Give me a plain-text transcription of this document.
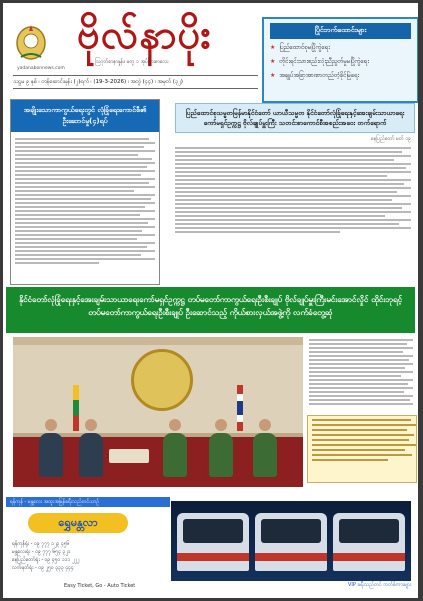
ဗိုလ်နာပိုး
yadanabonnews.com
သြဂုတ်စာနာနှုန်း၊ မတူ ၁ အုပ်ပြားစာလေး
သဋ္ဌမ ၉ နှစ် ၊ တန်ဆောင်းမုန်း (၂)ရက် ၊ (19-3-2026) ၊ အတွဲ (၄၄) ၊ အမှတ် (၃၂)
ပြိုင်ဘက်ထောင်းများ
★ ပြည်ထောင်စုမပြိုကွဲရေး
★ တိုင်းရင်းသားစည်းလုံးညီညွတ်မှုမပြိုကွဲရေး
★ အချုပ်အခြာအာဏာတည်တံ့ခိုင်မြဲရေး
အချိုးသောကာကွယ်ရေးတွင် လုံခြုံရေးကောင်စီ၏ ဦးဆောင်မှု(၄)ရပ်
ပြည်ထောင်စုသမ္မတမြန်မာနိုင်ငံတော် ယာယီသမ္မတ နိုင်ငံတော်လုံခြုံရေးနှင့်အေးချမ်းသာယာရေးကော်မရှင်ဥက္ကဋ္ဌ ဗိုလ်ချုပ်မှူးကြီး သတင်းစာကောင်စီအစည်းအဝေး တက်ရောက်
နေပြည်တော် မတ် ၁၉
နိုင်ငံတော်လုံခြုံရေးနှင့်အေးချမ်းသာယာရေးကော်မရှင်ဥက္ကဋ္ဌ တပ်မတော်ကာကွယ်ရေးဦးစီးချုပ် ဗိုလ်ချုပ်မှူးကြီးမင်းအောင်လှိုင် ထိုင်းဘုရင့်တပ်မတော်ကာကွယ်ရေးဦးစီးချုပ် ဦးဆောင်သည့် ကိုယ်စားလှယ်အဖွဲ့ကို လက်ခံတွေ့ဆုံ
ရန်ကုန် - မန္တလေး အထူးအမြန်ခရီးသည်တင်ယာဉ်
ရွှေမန္တလာ
ရန်ကုန်ရုံး - ၀၉ ၇၇၇ ၁၂၃ ၄၅၆
မန္တလေးရုံး - ၀၉ ၇၇၇ ၆၅၄ ၃၂၁
နေပြည်တော်ရုံး - ၀၉ ၄၅၀ ၁၁၁ ၂၂၂
လက်မှတ်ရုံး - ၀၉ ၂၅၀ ၃၃၃ ၄၄၄
Easy Ticket, Go - Auto Ticket	VIP ခရီးသည်တင် ဘတ်စ်ကားများ
